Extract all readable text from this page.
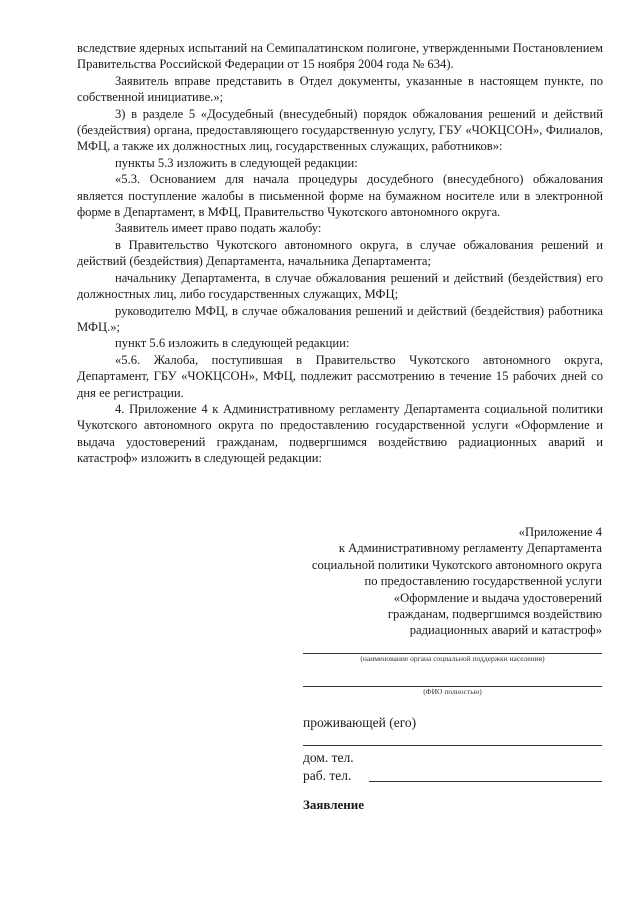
вследствие ядерных испытаний на Семипалатинском полигоне, утвержденными Постановлением Правительства Российской Федерации от 15 ноября 2004 года № 634).

Заявитель вправе представить в Отдел документы, указанные в настоящем пункте, по собственной инициативе.»;

3) в разделе 5 «Досудебный (внесудебный) порядок обжалования решений и действий (бездействия) органа, предоставляющего государственную услугу, ГБУ «ЧОКЦСОН», Филиалов, МФЦ, а также их должностных лиц, государственных служащих, работников»:

пункты 5.3 изложить в следующей редакции:

«5.3. Основанием для начала процедуры досудебного (внесудебного) обжалования является поступление жалобы в письменной форме на бумажном носителе или в электронной форме в Департамент, в МФЦ, Правительство Чукотского автономного округа.

Заявитель имеет право подать жалобу:

в Правительство Чукотского автономного округа, в случае обжалования решений и действий (бездействия) Департамента, начальника Департамента;

начальнику Департамента, в случае обжалования решений и действий (бездействия) его должностных лиц, либо государственных служащих, МФЦ;

руководителю МФЦ, в случае обжалования решений и действий (бездействия) работника МФЦ.»;

пункт 5.6 изложить в следующей редакции:

«5.6. Жалоба, поступившая в Правительство Чукотского автономного округа, Департамент, ГБУ «ЧОКЦСОН», МФЦ, подлежит рассмотрению в течение 15 рабочих дней со дня ее регистрации.

4. Приложение 4 к Административному регламенту Департамента социальной политики Чукотского автономного округа по предоставлению государственной услуги «Оформление и выдача удостоверений гражданам, подвергшимся воздействию радиационных аварий и катастроф» изложить в следующей редакции:

«Приложение 4
к Административному регламенту Департамента
социальной политики Чукотского автономного округа
по предоставлению государственной услуги
«Оформление и выдача удостоверений
гражданам, подвергшимся воздействию
радиационных аварий и катастроф»
(наименование органа социальной поддержки населения)
(ФИО полностью)
проживающей (его)
дом. тел.
раб. тел.
Заявление
